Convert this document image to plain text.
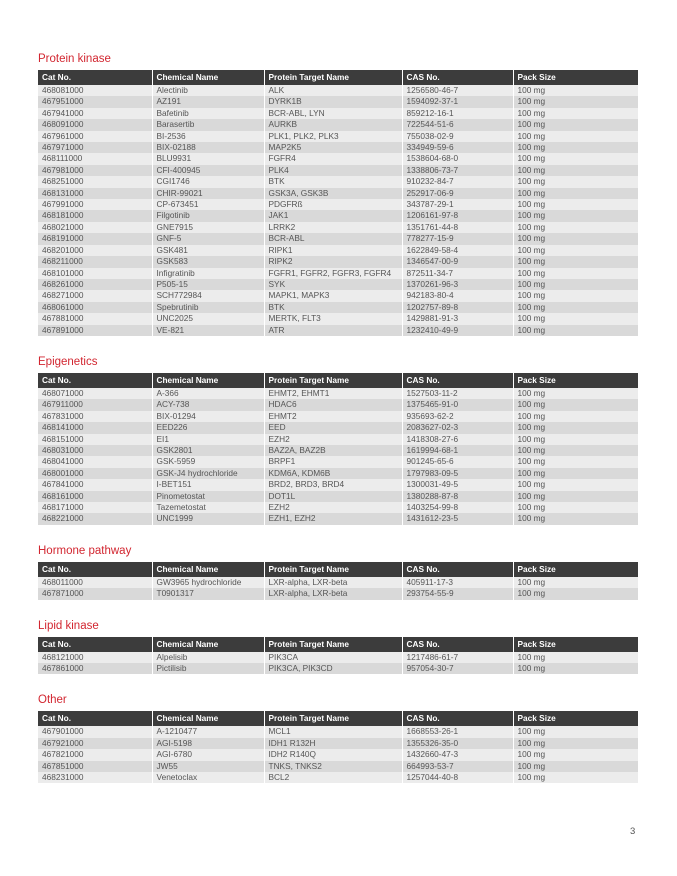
Protein kinase
Cat No.	Chemical Name	Protein Target Name	CAS No.	Pack Size
468081000	Alectinib	ALK	1256580-46-7	100 mg
467951000	AZ191	DYRK1B	1594092-37-1	100 mg
467941000	Bafetinib	BCR-ABL, LYN	859212-16-1	100 mg
468091000	Barasertib	AURKB	722544-51-6	100 mg
467961000	BI-2536	PLK1, PLK2, PLK3	755038-02-9	100 mg
467971000	BIX-02188	MAP2K5	334949-59-6	100 mg
468111000	BLU9931	FGFR4	1538604-68-0	100 mg
467981000	CFI-400945	PLK4	1338806-73-7	100 mg
468251000	CGI1746	BTK	910232-84-7	100 mg
468131000	CHIR-99021	GSK3A, GSK3B	252917-06-9	100 mg
467991000	CP-673451	PDGFRß	343787-29-1	100 mg
468181000	Filgotinib	JAK1	1206161-97-8	100 mg
468021000	GNE7915	LRRK2	1351761-44-8	100 mg
468191000	GNF-5	BCR-ABL	778277-15-9	100 mg
468201000	GSK481	RIPK1	1622849-58-4	100 mg
468211000	GSK583	RIPK2	1346547-00-9	100 mg
468101000	Infigratinib	FGFR1, FGFR2, FGFR3, FGFR4	872511-34-7	100 mg
468261000	P505-15	SYK	1370261-96-3	100 mg
468271000	SCH772984	MAPK1, MAPK3	942183-80-4	100 mg
468061000	Spebrutinib	BTK	1202757-89-8	100 mg
467881000	UNC2025	MERTK, FLT3	1429881-91-3	100 mg
467891000	VE-821	ATR	1232410-49-9	100 mg
Epigenetics
Cat No.	Chemical Name	Protein Target Name	CAS No.	Pack Size
468071000	A-366	EHMT2, EHMT1	1527503-11-2	100 mg
467911000	ACY-738	HDAC6	1375465-91-0	100 mg
467831000	BIX-01294	EHMT2	935693-62-2	100 mg
468141000	EED226	EED	2083627-02-3	100 mg
468151000	EI1	EZH2	1418308-27-6	100 mg
468031000	GSK2801	BAZ2A, BAZ2B	1619994-68-1	100 mg
468041000	GSK-5959	BRPF1	901245-65-6	100 mg
468001000	GSK-J4 hydrochloride	KDM6A, KDM6B	1797983-09-5	100 mg
467841000	I-BET151	BRD2, BRD3, BRD4	1300031-49-5	100 mg
468161000	Pinometostat	DOT1L	1380288-87-8	100 mg
468171000	Tazemetostat	EZH2	1403254-99-8	100 mg
468221000	UNC1999	EZH1, EZH2	1431612-23-5	100 mg
Hormone pathway
Cat No.	Chemical Name	Protein Target Name	CAS No.	Pack Size
468011000	GW3965 hydrochloride	LXR-alpha, LXR-beta	405911-17-3	100 mg
467871000	T0901317	LXR-alpha, LXR-beta	293754-55-9	100 mg
Lipid kinase
Cat No.	Chemical Name	Protein Target Name	CAS No.	Pack Size
468121000	Alpelisib	PIK3CA	1217486-61-7	100 mg
467861000	Pictilisib	PIK3CA, PIK3CD	957054-30-7	100 mg
Other
Cat No.	Chemical Name	Protein Target Name	CAS No.	Pack Size
467901000	A-1210477	MCL1	1668553-26-1	100 mg
467921000	AGI-5198	IDH1 R132H	1355326-35-0	100 mg
467821000	AGI-6780	IDH2 R140Q	1432660-47-3	100 mg
467851000	JW55	TNKS, TNKS2	664993-53-7	100 mg
468231000	Venetoclax	BCL2	1257044-40-8	100 mg
3
